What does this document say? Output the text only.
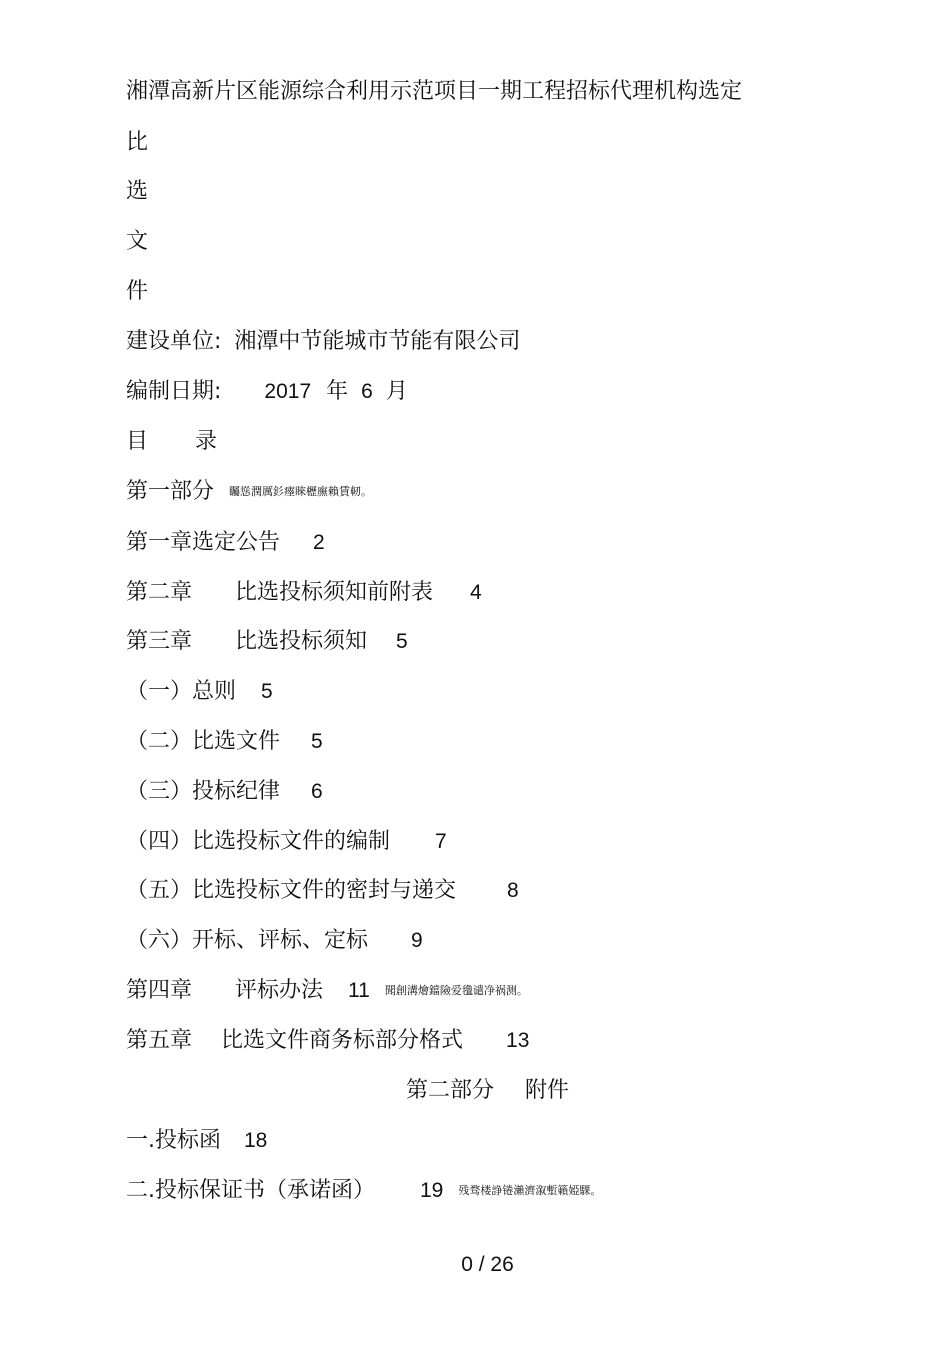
湘潭高新片区能源综合利用示范项目一期工程招标代理机构选定
比
选
文
件
建设单位: 湘潭中节能城市节能有限公司
编制日期: 2017 年 6 月
目 录
第一部分 矚慫潤厲釤瘞睞櫪廡賴賃軔。
第一章选定公告 2
第二章 比选投标须知前附表 4
第三章 比选投标须知 5
（一）总则 5
（二）比选文件 5
（三）投标纪律 6
（四）比选投标文件的编制 7
（五）比选投标文件的密封与递交 8
（六）开标、评标、定标 9
第四章 评标办法 11 聞創溝燴鐺險爱氇谴净祸测。
第五章 比选文件商务标部分格式 13
第二部分 附件
一.投标函 18
二.投标保证书（承诺函） 19 残骛楼諍锩瀨濟溆塹籟婭騍。
0 / 26
